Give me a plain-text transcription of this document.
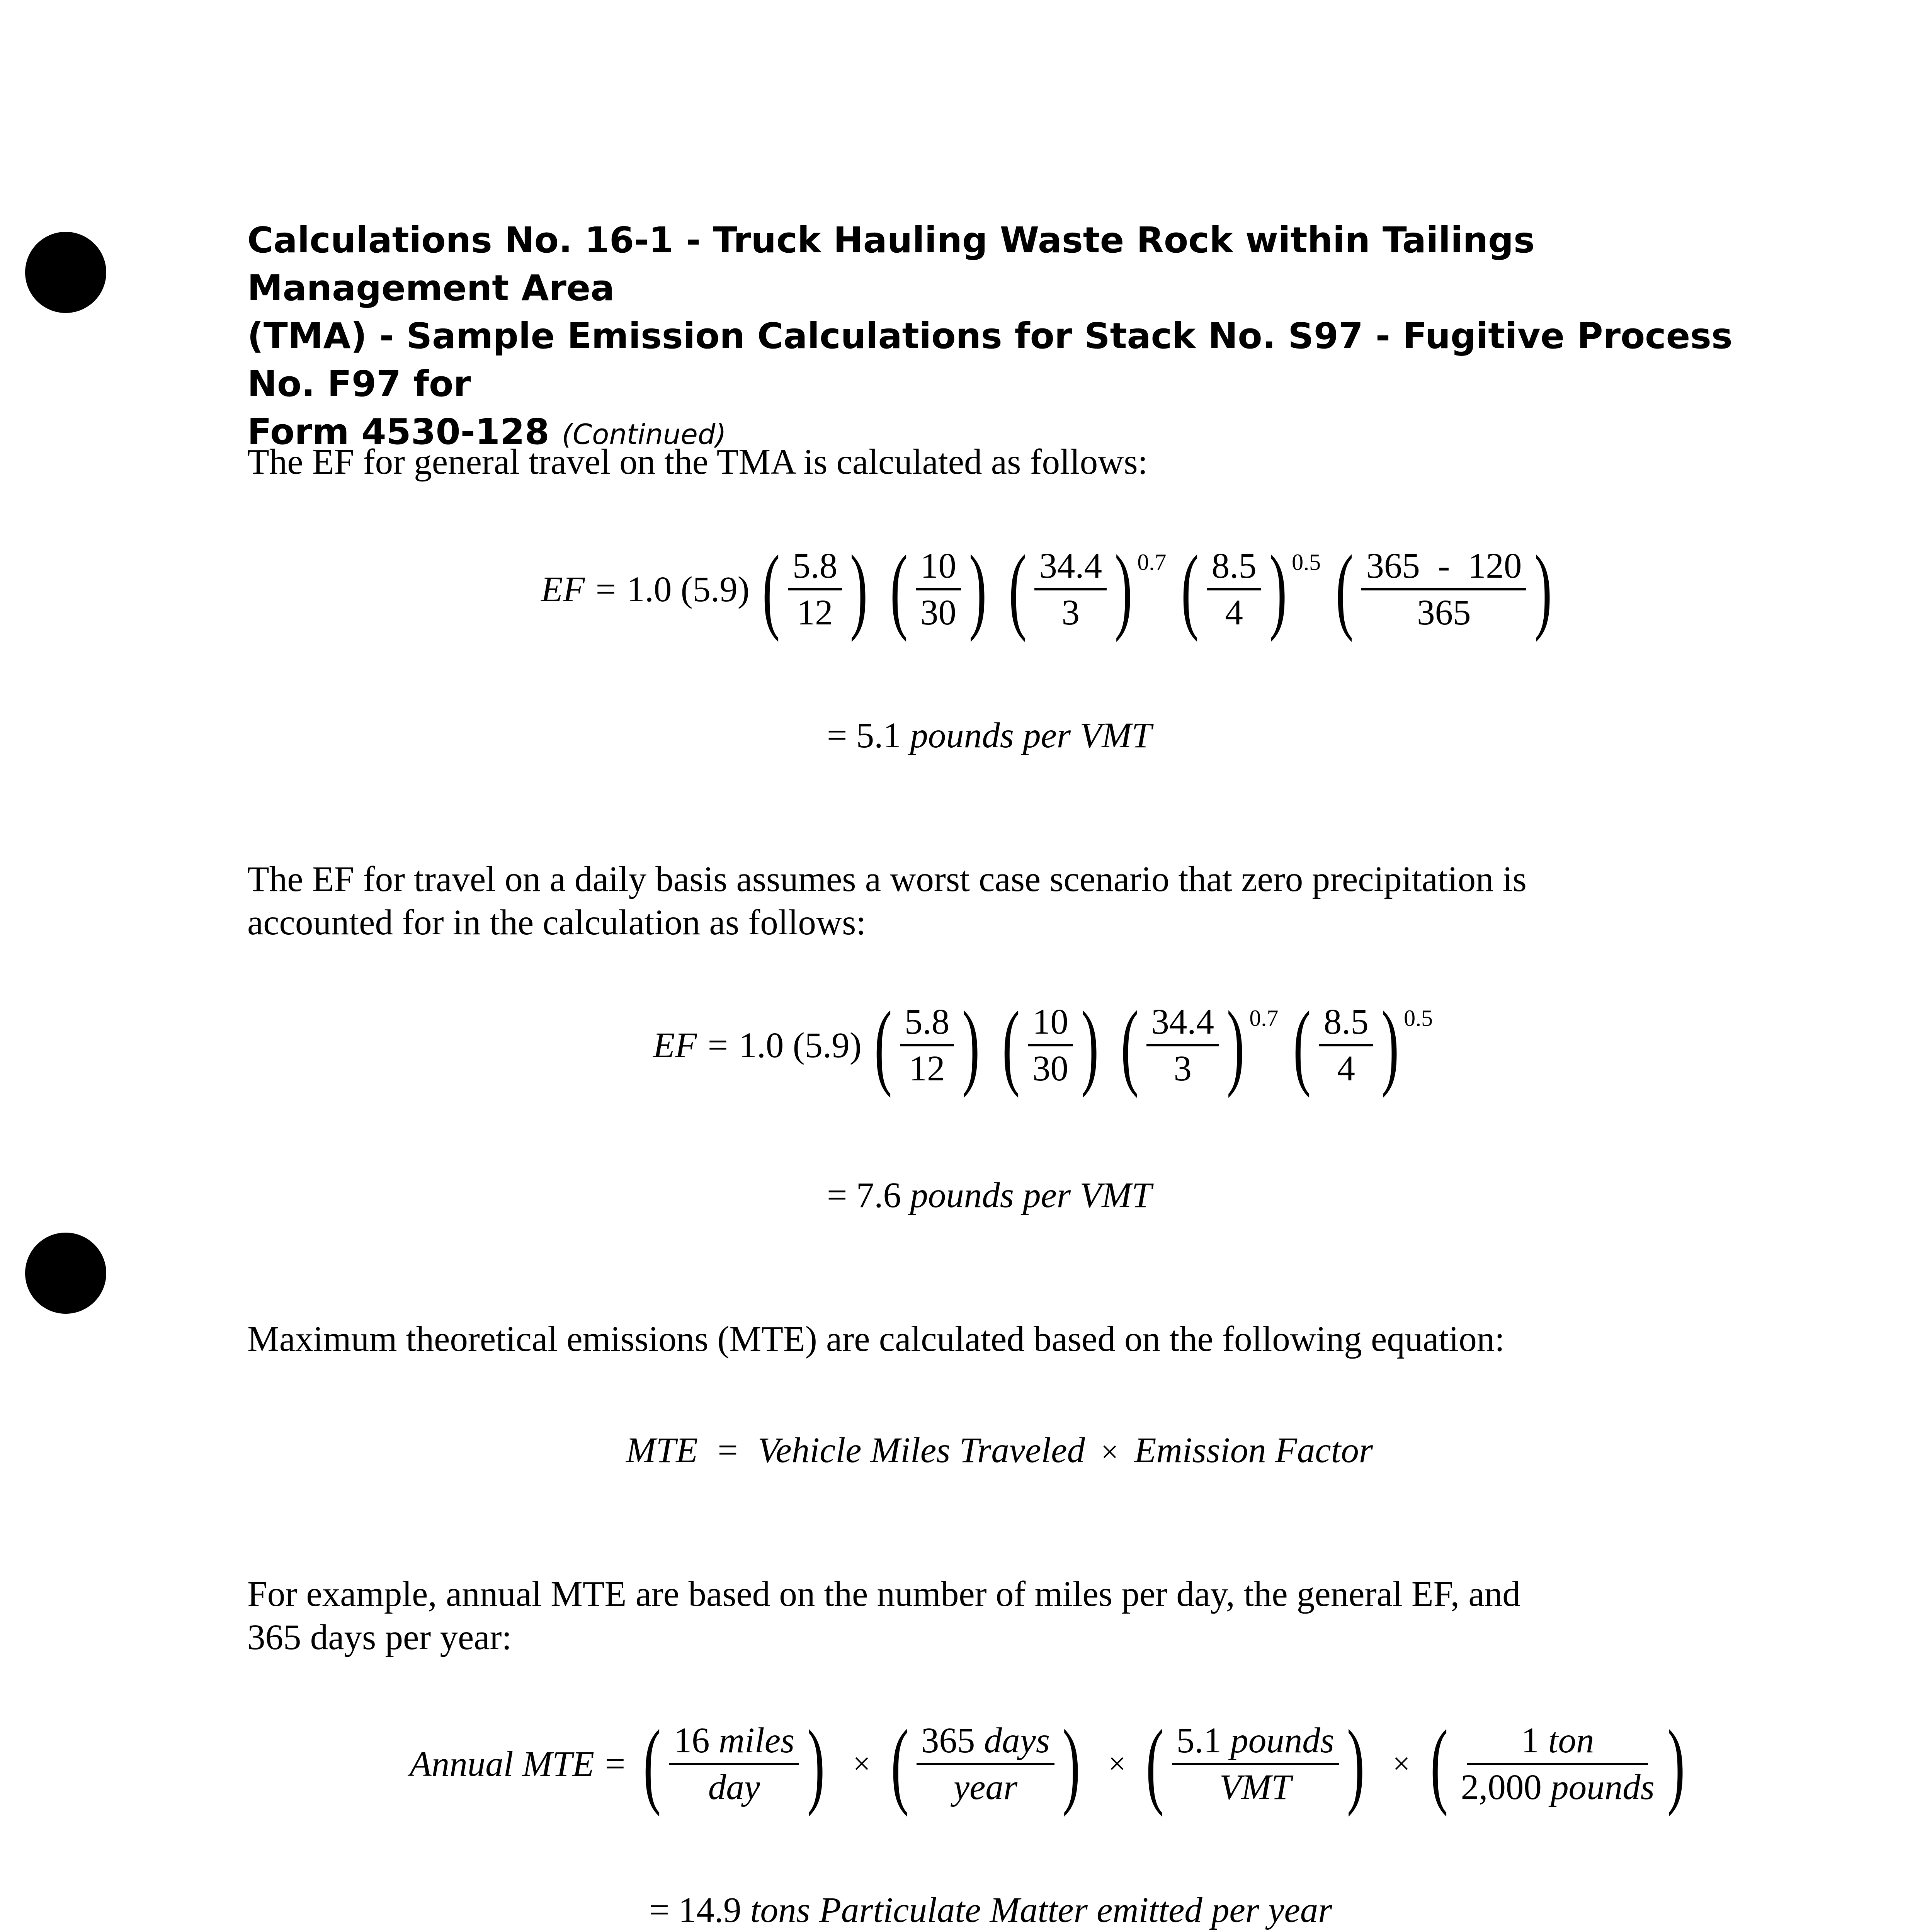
Calculations No. 16-1 - Truck Hauling Waste Rock within Tailings Management Area
(TMA) - Sample Emission Calculations for Stack No. S97 - Fugitive Process No. F97 for
Form 4530-128 (Continued)
The EF for general travel on the TMA is calculated as follows:
EF = 1.0 (5.9) ( $\frac{5.8}{12}$ ) ( $\frac{10}{30}$ ) ( $\frac{34.4}{3}$ ) 0.7 ( $\frac{8.5}{4}$ ) 0.5 ( $\frac{365 - 120}{365}$ )
= 5.1 pounds per VMT
The EF for travel on a daily basis assumes a worst case scenario that zero precipitation is
accounted for in the calculation as follows:
EF = 1.0 (5.9) ( $\frac{5.8}{12}$ ) ( $\frac{10}{30}$ ) ( $\frac{34.4}{3}$ ) 0.7 ( $\frac{8.5}{4}$ ) 0.5
= 7.6 pounds per VMT
Maximum theoretical emissions (MTE) are calculated based on the following equation:
MTE = Vehicle Miles Traveled × Emission Factor
For example, annual MTE are based on the number of miles per day, the general EF, and
365 days per year:
Annual MTE = ( $\frac{\text{16 miles}}{\text{day}}$ ) × ( $\frac{\text{365 days}}{\text{year}}$ ) × ( $\frac{\text{5.1 pounds}}{\text{VMT}}$ ) × ( $\frac{\text{1 ton}}{\text{2,000 pounds}}$ )
= 14.9 tons Particulate Matter emitted per year
